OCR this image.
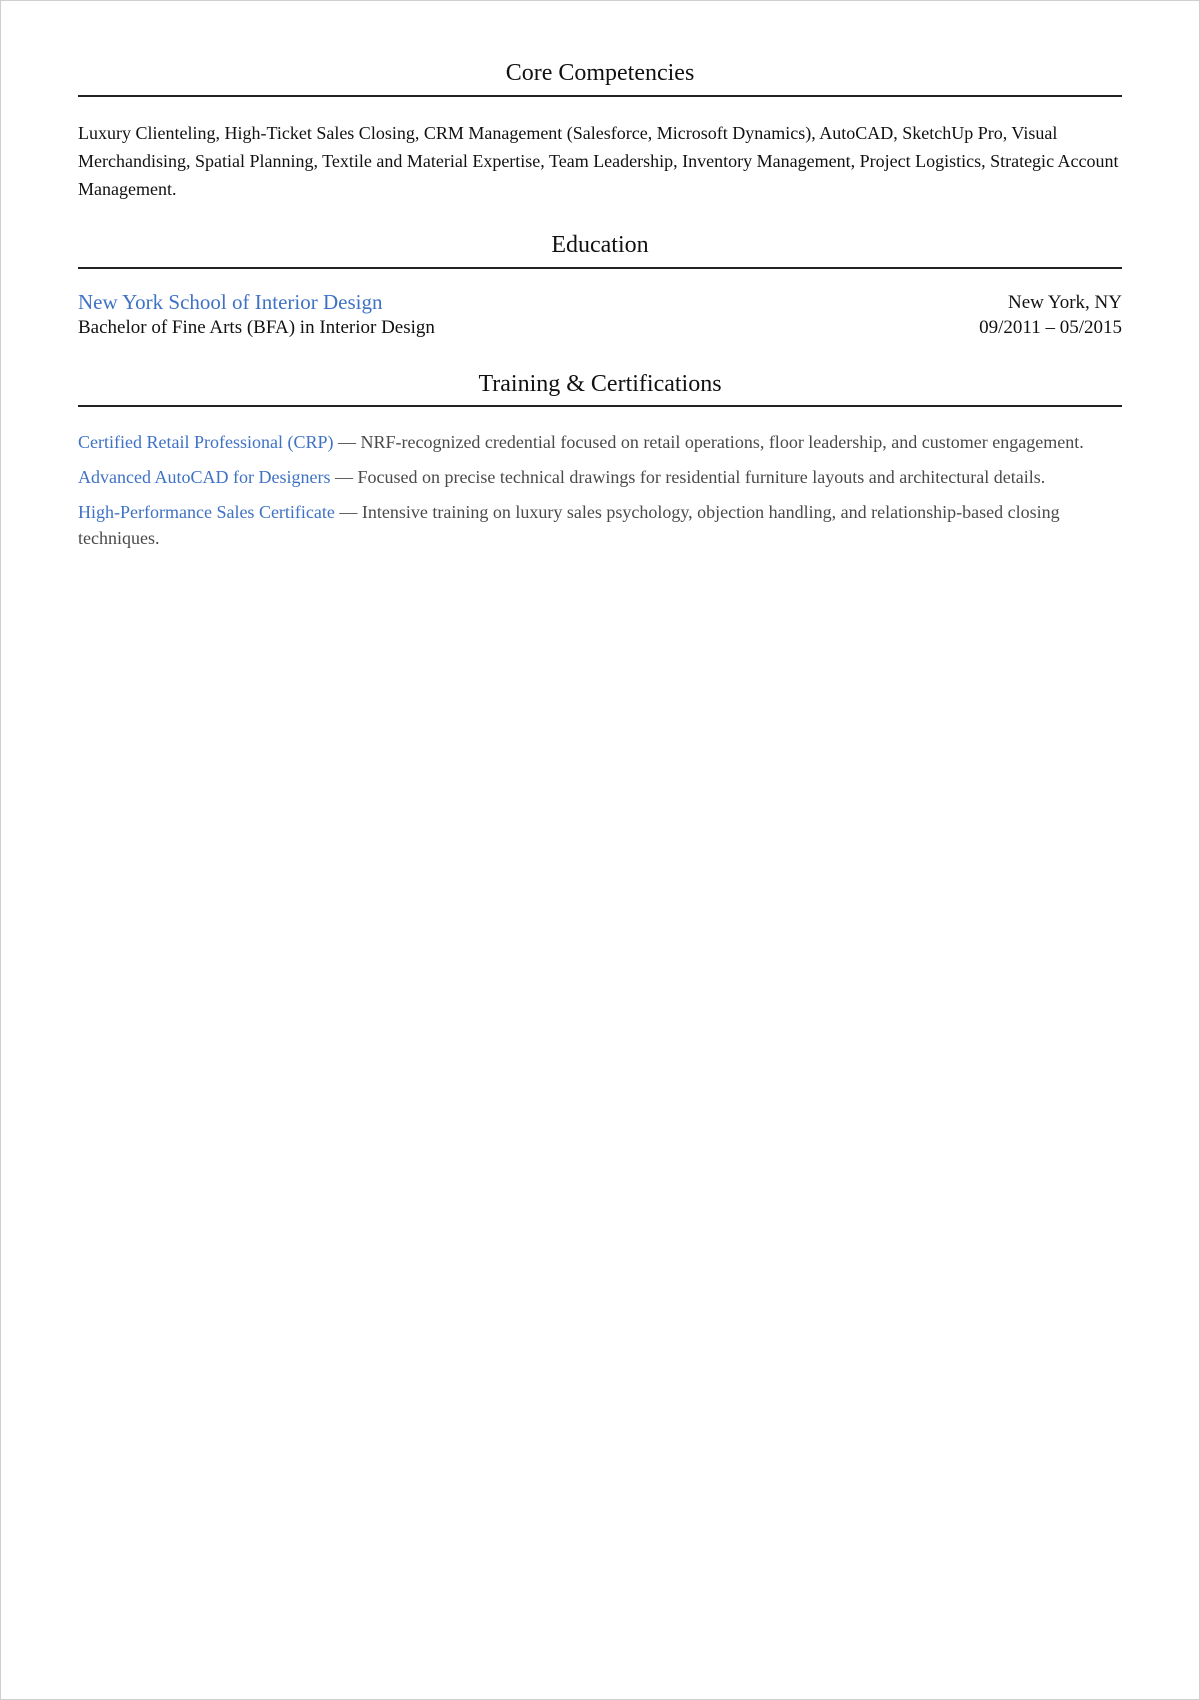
Core Competencies

Luxury Clienteling, High-Ticket Sales Closing, CRM Management (Salesforce, Microsoft Dynamics), AutoCAD, SketchUp Pro, Visual Merchandising, Spatial Planning, Textile and Material Expertise, Team Leadership, Inventory Management, Project Logistics, Strategic Account Management.

Education
New York School of Interior Design
Bachelor of Fine Arts (BFA) in Interior Design
New York, NY
09/2011 – 05/2015
Training & Certifications

Certified Retail Professional (CRP) — NRF-recognized credential focused on retail operations, floor leadership, and customer engagement.

Advanced AutoCAD for Designers — Focused on precise technical drawings for residential furniture layouts and architectural details.

High-Performance Sales Certificate — Intensive training on luxury sales psychology, objection handling, and relationship-based closing techniques.
